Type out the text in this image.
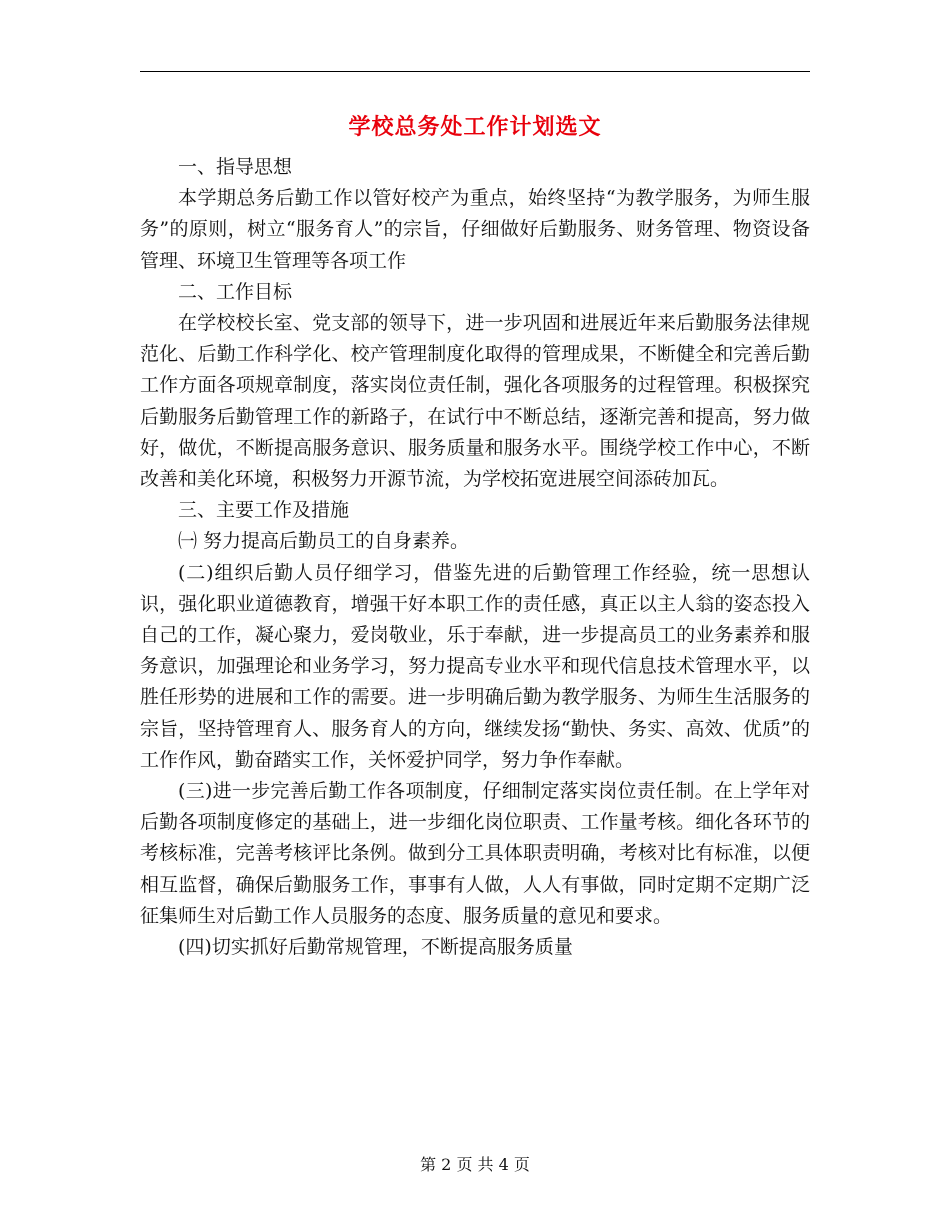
学校总务处工作计划选文

一、指导思想

本学期总务后勤工作以管好校产为重点，始终坚持“为教学服务，为师生服务”的原则，树立“服务育人”的宗旨，仔细做好后勤服务、财务管理、物资设备管理、环境卫生管理等各项工作

二、工作目标

在学校校长室、党支部的领导下，进一步巩固和进展近年来后勤服务法律规范化、后勤工作科学化、校产管理制度化取得的管理成果，不断健全和完善后勤工作方面各项规章制度，落实岗位责任制，强化各项服务的过程管理。积极探究后勤服务后勤管理工作的新路子，在试行中不断总结，逐渐完善和提高，努力做好，做优，不断提高服务意识、服务质量和服务水平。围绕学校工作中心，不断改善和美化环境，积极努力开源节流，为学校拓宽进展空间添砖加瓦。

三、主要工作及措施

㈠ 努力提高后勤员工的自身素养。

(二)组织后勤人员仔细学习，借鉴先进的后勤管理工作经验，统一思想认识，强化职业道德教育，增强干好本职工作的责任感，真正以主人翁的姿态投入自己的工作，凝心聚力，爱岗敬业，乐于奉献，进一步提高员工的业务素养和服务意识，加强理论和业务学习，努力提高专业水平和现代信息技术管理水平，以胜任形势的进展和工作的需要。进一步明确后勤为教学服务、为师生生活服务的宗旨，坚持管理育人、服务育人的方向，继续发扬“勤快、务实、高效、优质”的工作作风，勤奋踏实工作，关怀爱护同学，努力争作奉献。

(三)进一步完善后勤工作各项制度，仔细制定落实岗位责任制。在上学年对后勤各项制度修定的基础上，进一步细化岗位职责、工作量考核。细化各环节的考核标准，完善考核评比条例。做到分工具体职责明确，考核对比有标准，以便相互监督，确保后勤服务工作，事事有人做，人人有事做，同时定期不定期广泛征集师生对后勤工作人员服务的态度、服务质量的意见和要求。

(四)切实抓好后勤常规管理，不断提高服务质量

第 2 页 共 4 页
